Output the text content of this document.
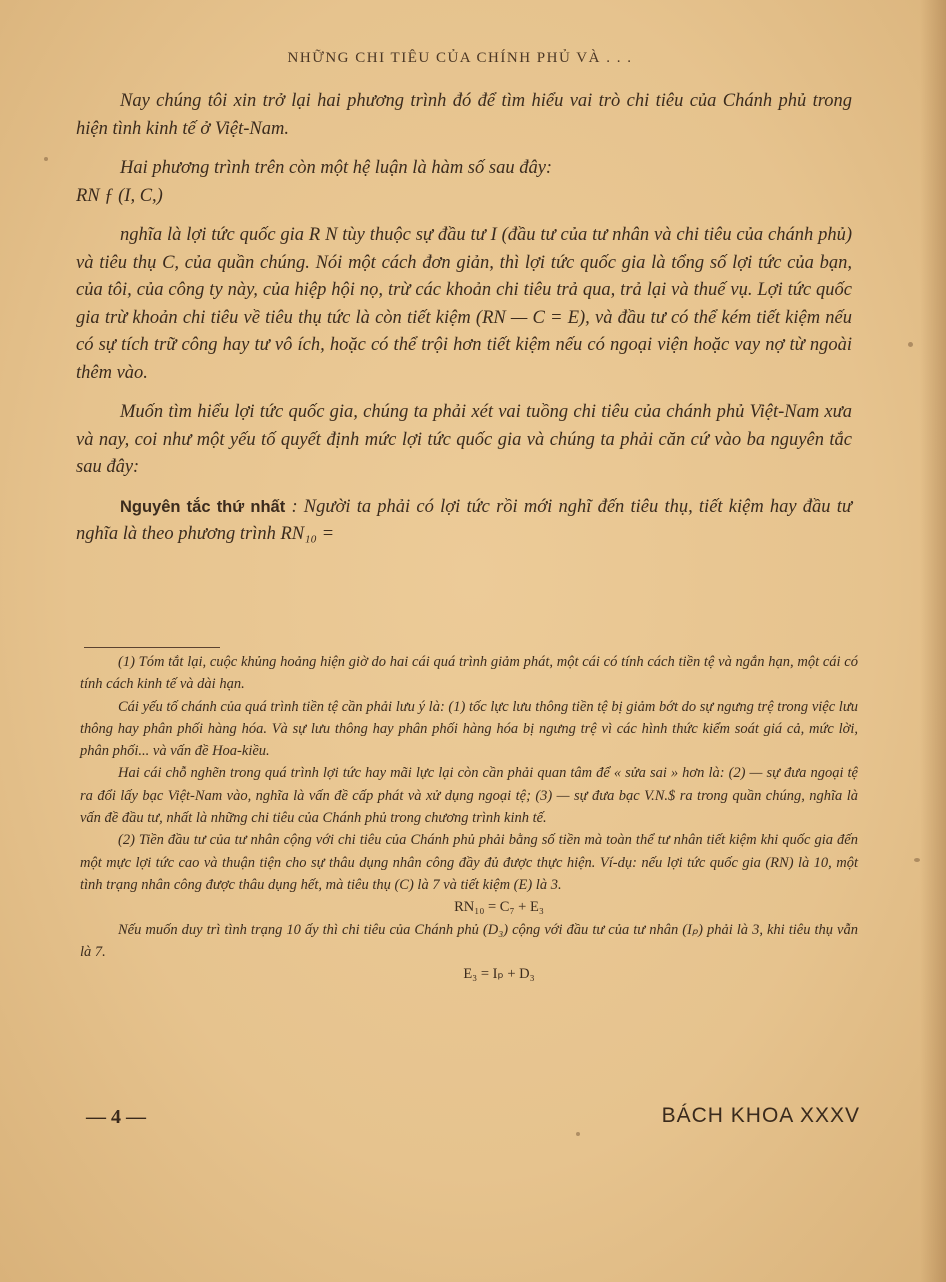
NHỮNG CHI TIÊU CỦA CHÍNH PHỦ VÀ . . .

Nay chúng tôi xin trở lại hai phương trình đó để tìm hiểu vai trò chi tiêu của Chánh phủ trong hiện tình kinh tế ở Việt-Nam.

Hai phương trình trên còn một hệ luận là hàm số sau đây:

RN ƒ (I, C,)

nghĩa là lợi tức quốc gia R N tùy thuộc sự đầu tư I (đầu tư của tư nhân và chi tiêu của chánh phủ) và tiêu thụ C, của quần chúng. Nói một cách đơn giản, thì lợi tức quốc gia là tổng số lợi tức của bạn, của tôi, của công ty này, của hiệp hội nọ, trừ các khoản chi tiêu trả qua, trả lại và thuế vụ. Lợi tức quốc gia trừ khoản chi tiêu về tiêu thụ tức là còn tiết kiệm (RN — C = E), và đầu tư có thể kém tiết kiệm nếu có sự tích trữ công hay tư vô ích, hoặc có thể trội hơn tiết kiệm nếu có ngoại viện hoặc vay nợ từ ngoài thêm vào.

Muốn tìm hiểu lợi tức quốc gia, chúng ta phải xét vai tuồng chi tiêu của chánh phủ Việt-Nam xưa và nay, coi như một yếu tố quyết định mức lợi tức quốc gia và chúng ta phải căn cứ vào ba nguyên tắc sau đây:

Nguyên tắc thứ nhất : Người ta phải có lợi tức rồi mới nghĩ đến tiêu thụ, tiết kiệm hay đầu tư nghĩa là theo phương trình RN₁₀ =

(1) Tóm tắt lại, cuộc khủng hoảng hiện giờ do hai cái quá trình giảm phát, một cái có tính cách tiền tệ và ngắn hạn, một cái có tính cách kinh tế và dài hạn.

Cái yếu tố chánh của quá trình tiền tệ cần phải lưu ý là: (1) tốc lực lưu thông tiền tệ bị giảm bớt do sự ngưng trệ trong việc lưu thông hay phân phối hàng hóa. Và sự lưu thông hay phân phối hàng hóa bị ngưng trệ vì các hình thức kiểm soát giá cả, mức lời, phân phối... và vấn đề Hoa-kiều.

Hai cái chỗ nghẽn trong quá trình lợi tức hay mãi lực lại còn cần phải quan tâm để « sửa sai » hơn là: (2) — sự đưa ngoại tệ ra đổi lấy bạc Việt-Nam vào, nghĩa là vấn đề cấp phát và xử dụng ngoại tệ; (3) — sự đưa bạc V.N.$ ra trong quần chúng, nghĩa là vấn đề đầu tư, nhất là những chi tiêu của Chánh phủ trong chương trình kinh tế.

(2) Tiền đầu tư của tư nhân cộng với chi tiêu của Chánh phủ phải bằng số tiền mà toàn thể tư nhân tiết kiệm khi quốc gia đến một mực lợi tức cao và thuận tiện cho sự thâu dụng nhân công đầy đủ được thực hiện. Ví-dụ: nếu lợi tức quốc gia (RN) là 10, một tình trạng nhân công được thâu dụng hết, mà tiêu thụ (C) là 7 và tiết kiệm (E) là 3.

RN₁₀ = C₇ + E₃

Nếu muốn duy trì tình trạng 10 ấy thì chi tiêu của Chánh phủ (D₃) cộng với đầu tư của tư nhân (Iₚ) phải là 3, khi tiêu thụ vẫn là 7.

E₃ = Iₚ + D₃

— 4 —	BÁCH KHOA XXXV
